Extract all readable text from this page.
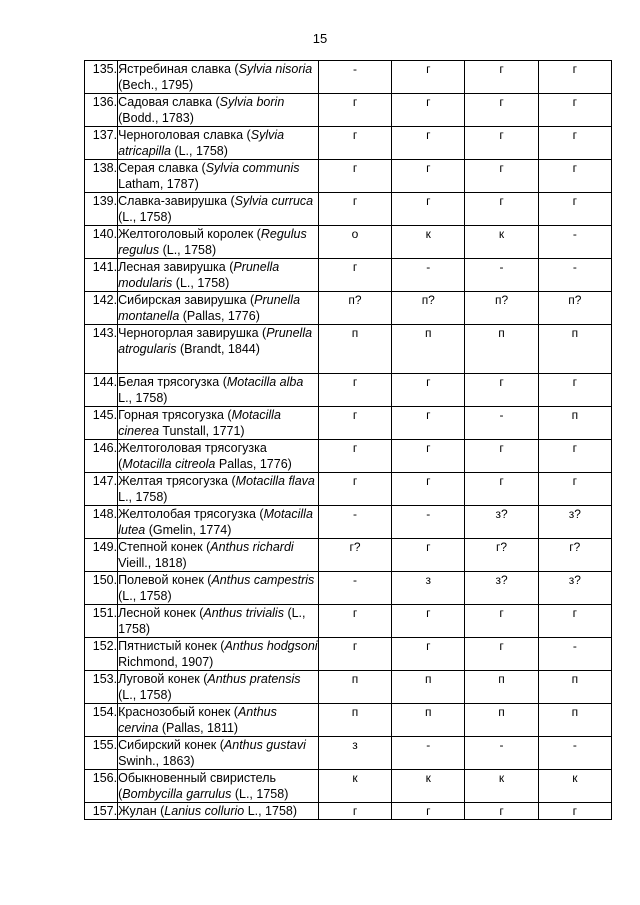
15
135.	Ястребиная славка (Sylvia nisoria (Bech., 1795)	-	г	г	г
136.	Садовая славка (Sylvia borin (Bodd., 1783)	г	г	г	г
137.	Черноголовая славка (Sylvia atricapilla (L., 1758)	г	г	г	г
138.	Серая славка (Sylvia communis Latham, 1787)	г	г	г	г
139.	Славка-завирушка (Sylvia curruca (L., 1758)	г	г	г	г
140.	Желтоголовый королек (Regulus regulus (L., 1758)	о	к	к	-
141.	Лесная завирушка (Prunella modularis (L., 1758)	г	-	-	-
142.	Сибирская завирушка (Prunella montanella (Pallas, 1776)	п?	п?	п?	п?
143.	Черногорлая завирушка (Prunella atrogularis (Brandt, 1844)	п	п	п	п
144.	Белая трясогузка (Motacilla alba L., 1758)	г	г	г	г
145.	Горная трясогузка (Motacilla cinerea Tunstall, 1771)	г	г	-	п
146.	Желтоголовая трясогузка (Motacilla citreola Pallas, 1776)	г	г	г	г
147.	Желтая трясогузка (Motacilla flava L., 1758)	г	г	г	г
148.	Желтолобая трясогузка (Motacilla lutea (Gmelin, 1774)	-	-	з?	з?
149.	Степной конек (Anthus richardi Vieill., 1818)	г?	г	г?	г?
150.	Полевой конек (Anthus campestris (L., 1758)	-	з	з?	з?
151.	Лесной конек (Anthus trivialis (L., 1758)	г	г	г	г
152.	Пятнистый конек (Anthus hodgsoni Richmond, 1907)	г	г	г	-
153.	Луговой конек (Anthus pratensis (L., 1758)	п	п	п	п
154.	Краснозобый конек (Anthus cervina (Pallas, 1811)	п	п	п	п
155.	Сибирский конек (Anthus gustavi Swinh., 1863)	з	-	-	-
156.	Обыкновенный свиристель (Bombycilla garrulus (L., 1758)	к	к	к	к
157.	Жулан (Lanius collurio L., 1758)	г	г	г	г
